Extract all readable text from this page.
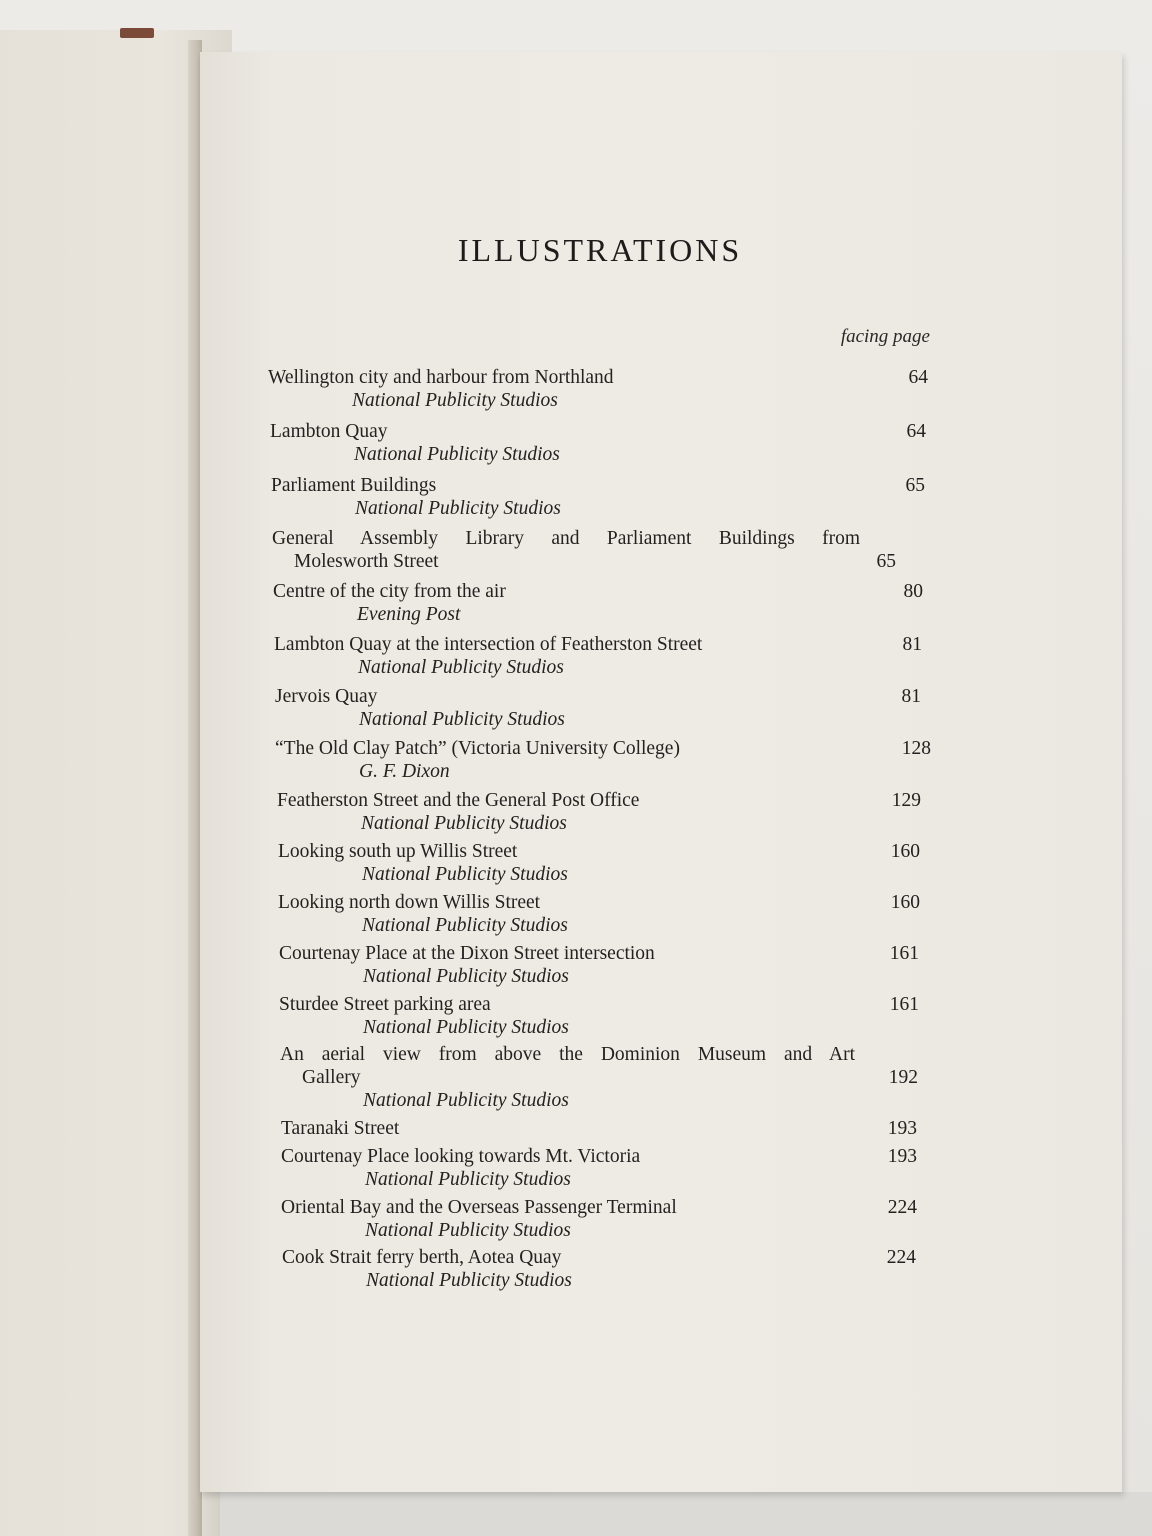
ILLUSTRATIONS
facing page
Wellington city and harbour from Northland
National Publicity Studios
64
Lambton Quay
National Publicity Studios
64
Parliament Buildings
National Publicity Studios
65
General Assembly Library and Parliament Buildings from
Molesworth Street	65
Centre of the city from the air
Evening Post
80
Lambton Quay at the intersection of Featherston Street
National Publicity Studios
81
Jervois Quay
National Publicity Studios
81
“The Old Clay Patch” (Victoria University College)
G. F. Dixon
128
Featherston Street and the General Post Office
National Publicity Studios
129
Looking south up Willis Street
National Publicity Studios
160
Looking north down Willis Street
National Publicity Studios
160
Courtenay Place at the Dixon Street intersection
National Publicity Studios
161
Sturdee Street parking area
National Publicity Studios
161
An aerial view from above the Dominion Museum and Art
Gallery
National Publicity Studios
192
Taranaki Street	193
Courtenay Place looking towards Mt. Victoria
National Publicity Studios
193
Oriental Bay and the Overseas Passenger Terminal
National Publicity Studios
224
Cook Strait ferry berth, Aotea Quay
National Publicity Studios
224
